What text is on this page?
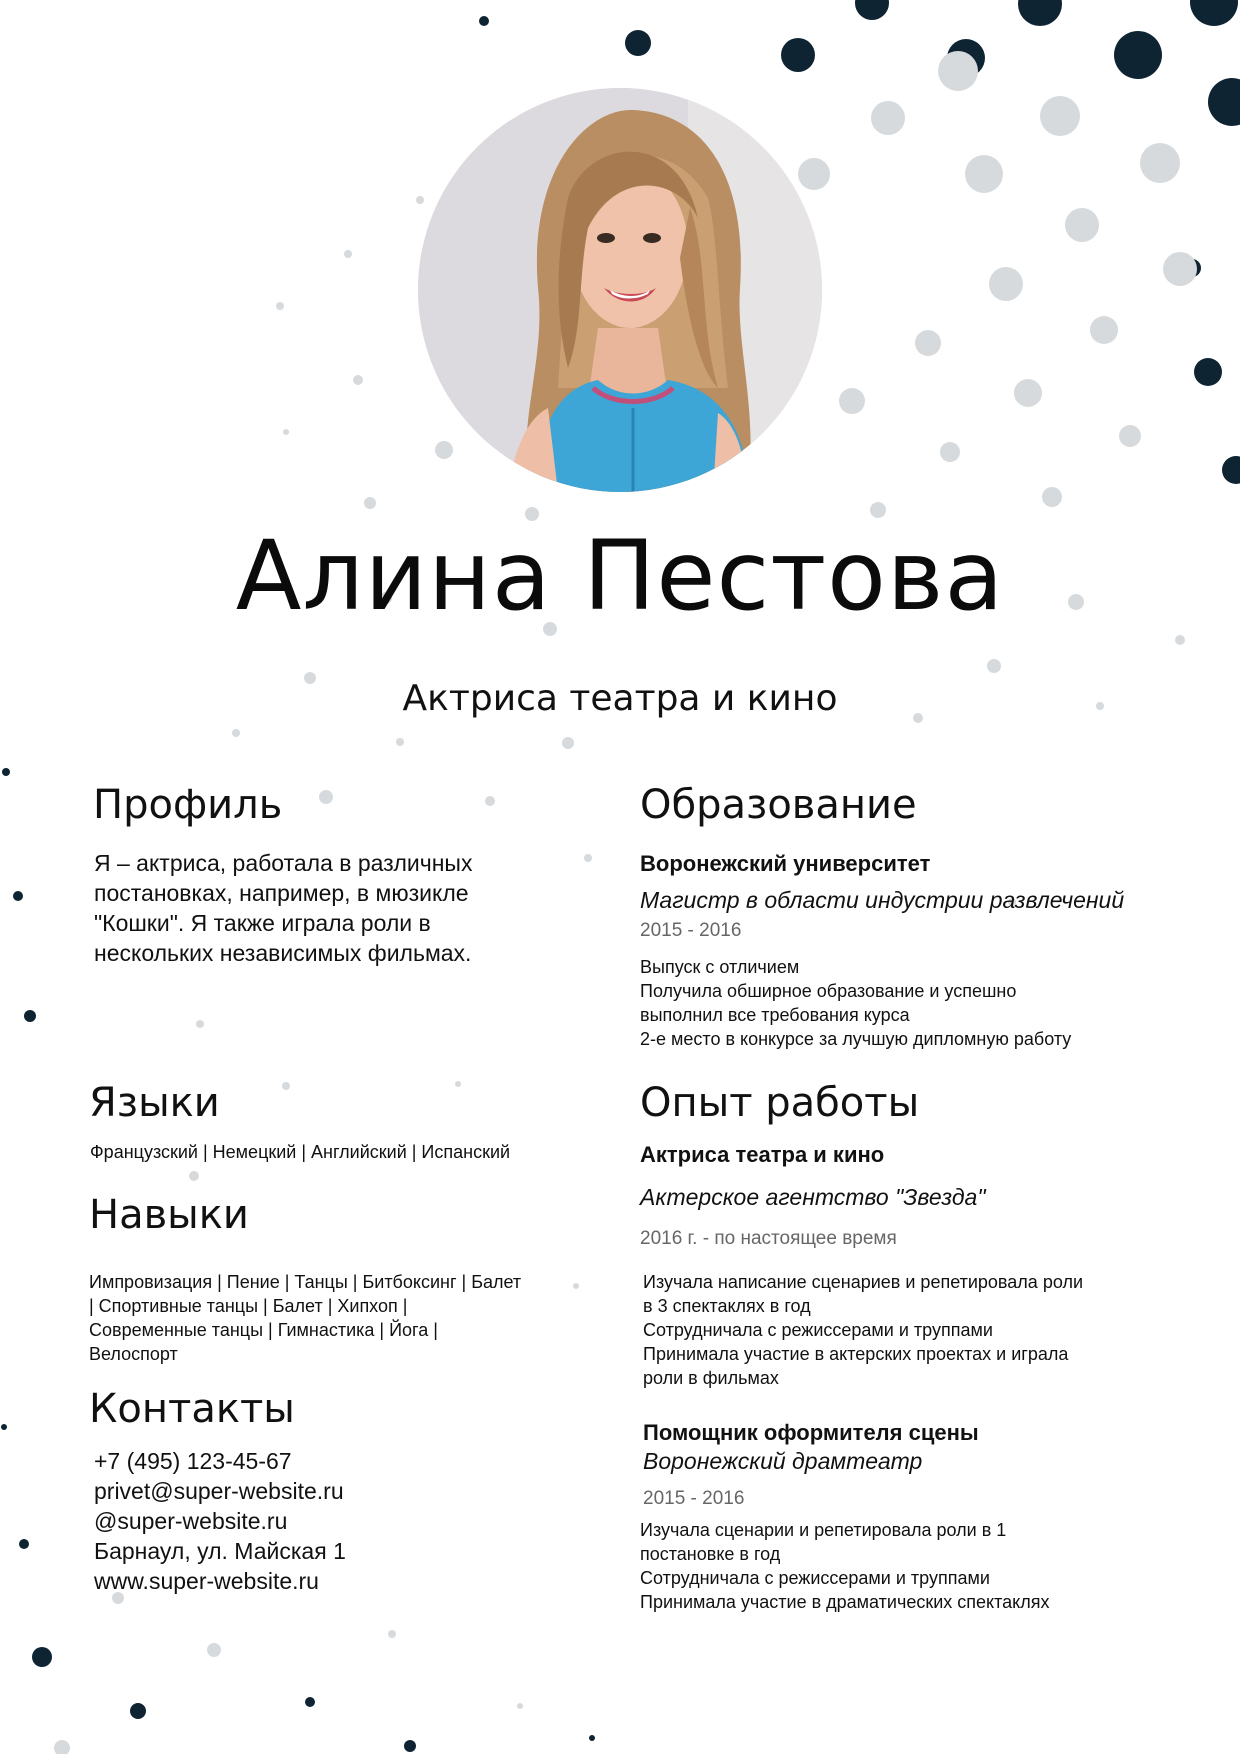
Алина Пестова
Актриса театра и кино
Профиль
Я – актриса, работала в различных
постановках, например, в мюзикле
"Кошки". Я также играла роли в
нескольких независимых фильмах.
Языки
Французский | Немецкий | Английский | Испанский
Навыки
Импровизация | Пение | Танцы | Битбоксинг | Балет
| Спортивные танцы | Балет | Хипхоп |
Современные танцы | Гимнастика | Йога |
Велоспорт
Контакты
+7 (495) 123-45-67
privet@super-website.ru
@super-website.ru
Барнаул, ул. Майская 1
www.super-website.ru
Образование
Воронежский университет
Магистр в области индустрии развлечений
2015 - 2016
Выпуск с отличием
Получила обширное образование и успешно
выполнил все требования курса
2-е место в конкурсе за лучшую дипломную работу
Опыт работы
Актриса театра и кино
Актерское агентство "Звезда"
2016 г. - по настоящее время
Изучала написание сценариев и репетировала роли
в 3 спектаклях в год
Сотрудничала с режиссерами и труппами
Принимала участие в актерских проектах и играла
роли в фильмах
Помощник оформителя сцены
Воронежский драмтеатр
2015 - 2016
Изучала сценарии и репетировала роли в 1
постановке в год
Сотрудничала с режиссерами и труппами
Принимала участие в драматических спектаклях
